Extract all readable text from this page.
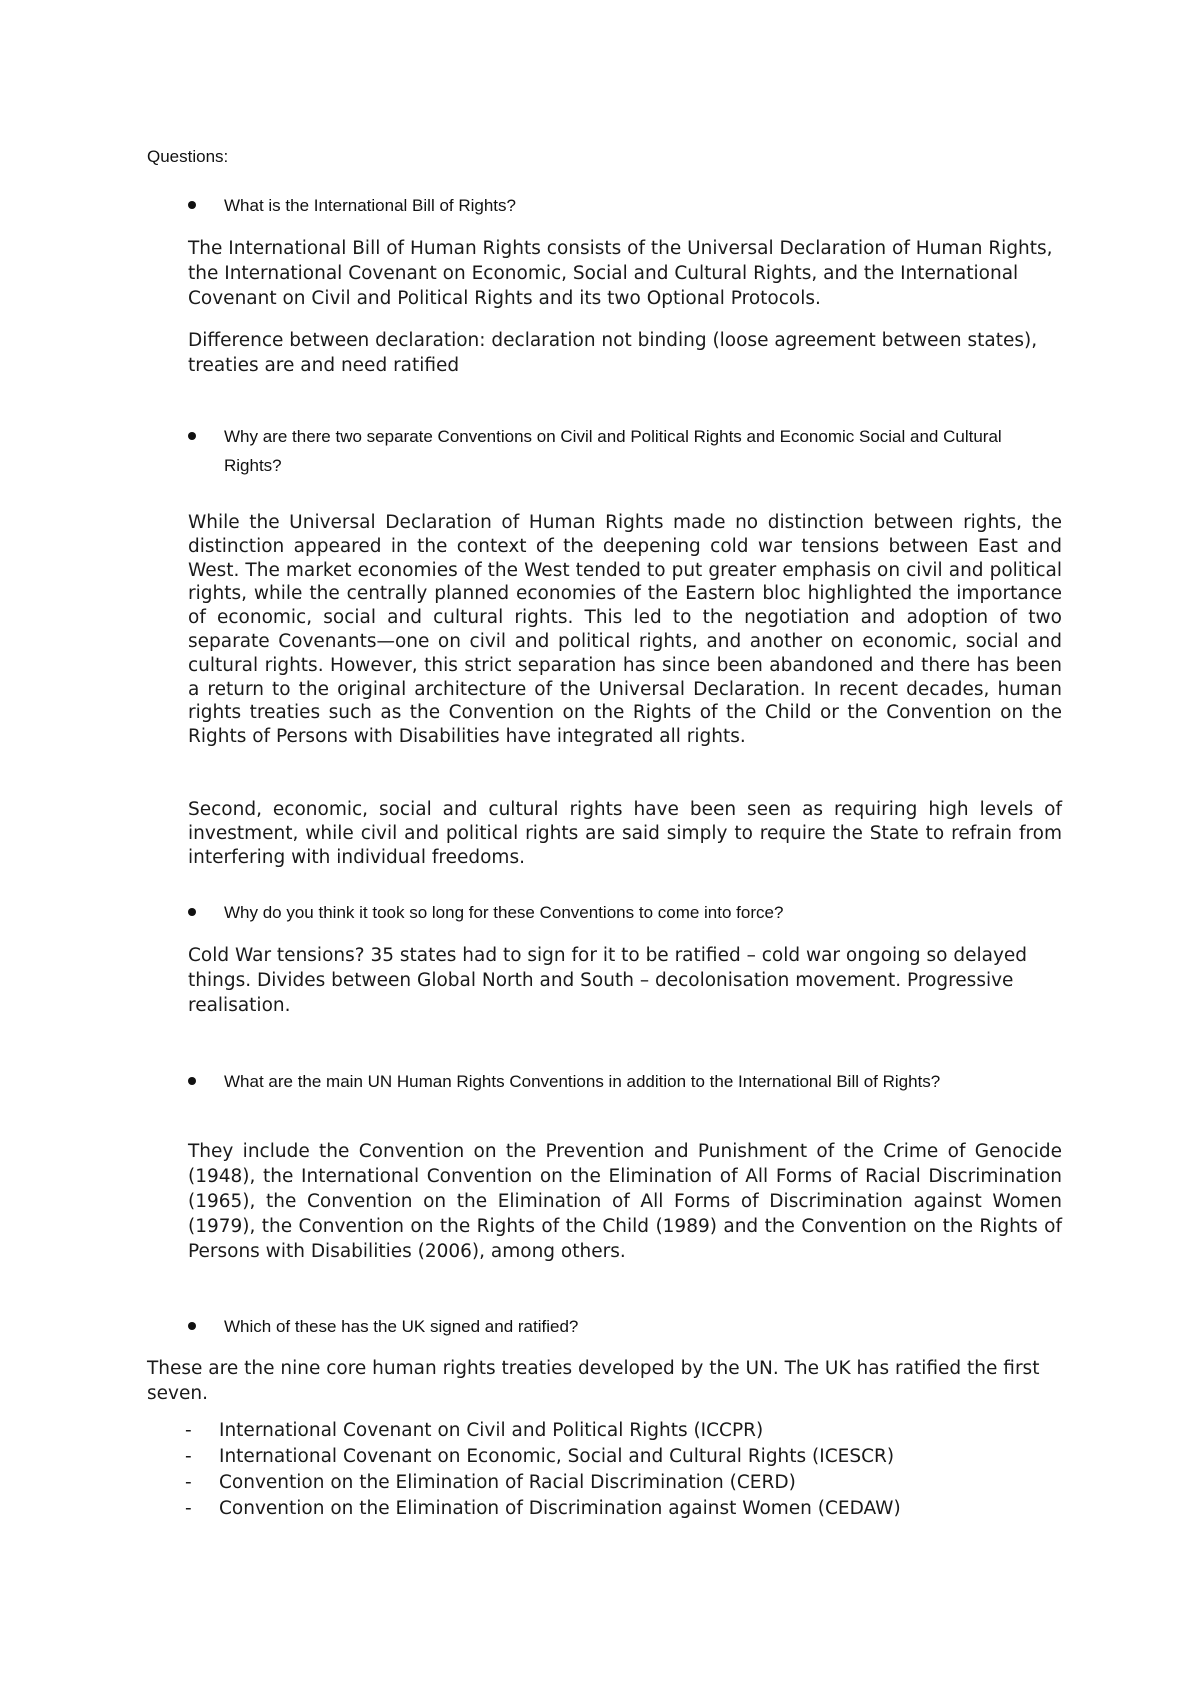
Questions:
What is the International Bill of Rights?
The International Bill of Human Rights consists of the Universal Declaration of Human Rights, the International Covenant on Economic, Social and Cultural Rights, and the International Covenant on Civil and Political Rights and its two Optional Protocols.
Difference between declaration: declaration not binding (loose agreement between states), treaties are and need ratified
Why are there two separate Conventions on Civil and Political Rights and Economic Social and Cultural Rights?
While the Universal Declaration of Human Rights made no distinction between rights, the distinction appeared in the context of the deepening cold war tensions between East and West. The market economies of the West tended to put greater emphasis on civil and political rights, while the centrally planned economies of the Eastern bloc highlighted the importance of economic, social and cultural rights. This led to the negotiation and adoption of two separate Covenants—one on civil and political rights, and another on economic, social and cultural rights. However, this strict separation has since been abandoned and there has been a return to the original architecture of the Universal Declaration. In recent decades, human rights treaties such as the Convention on the Rights of the Child or the Convention on the Rights of Persons with Disabilities have integrated all rights.
Second, economic, social and cultural rights have been seen as requiring high levels of investment, while civil and political rights are said simply to require the State to refrain from interfering with individual freedoms.
Why do you think it took so long for these Conventions to come into force?
Cold War tensions? 35 states had to sign for it to be ratified – cold war ongoing so delayed things. Divides between Global North and South – decolonisation movement. Progressive realisation.
What are the main UN Human Rights Conventions in addition to the International Bill of Rights?
They include the Convention on the Prevention and Punishment of the Crime of Genocide (1948), the International Convention on the Elimination of All Forms of Racial Discrimination (1965), the Convention on the Elimination of All Forms of Discrimination against Women (1979), the Convention on the Rights of the Child (1989) and the Convention on the Rights of Persons with Disabilities (2006), among others.
Which of these has the UK signed and ratified?
These are the nine core human rights treaties developed by the UN. The UK has ratified the first seven.
- International Covenant on Civil and Political Rights (ICCPR)
- International Covenant on Economic, Social and Cultural Rights (ICESCR)
- Convention on the Elimination of Racial Discrimination (CERD)
- Convention on the Elimination of Discrimination against Women (CEDAW)
